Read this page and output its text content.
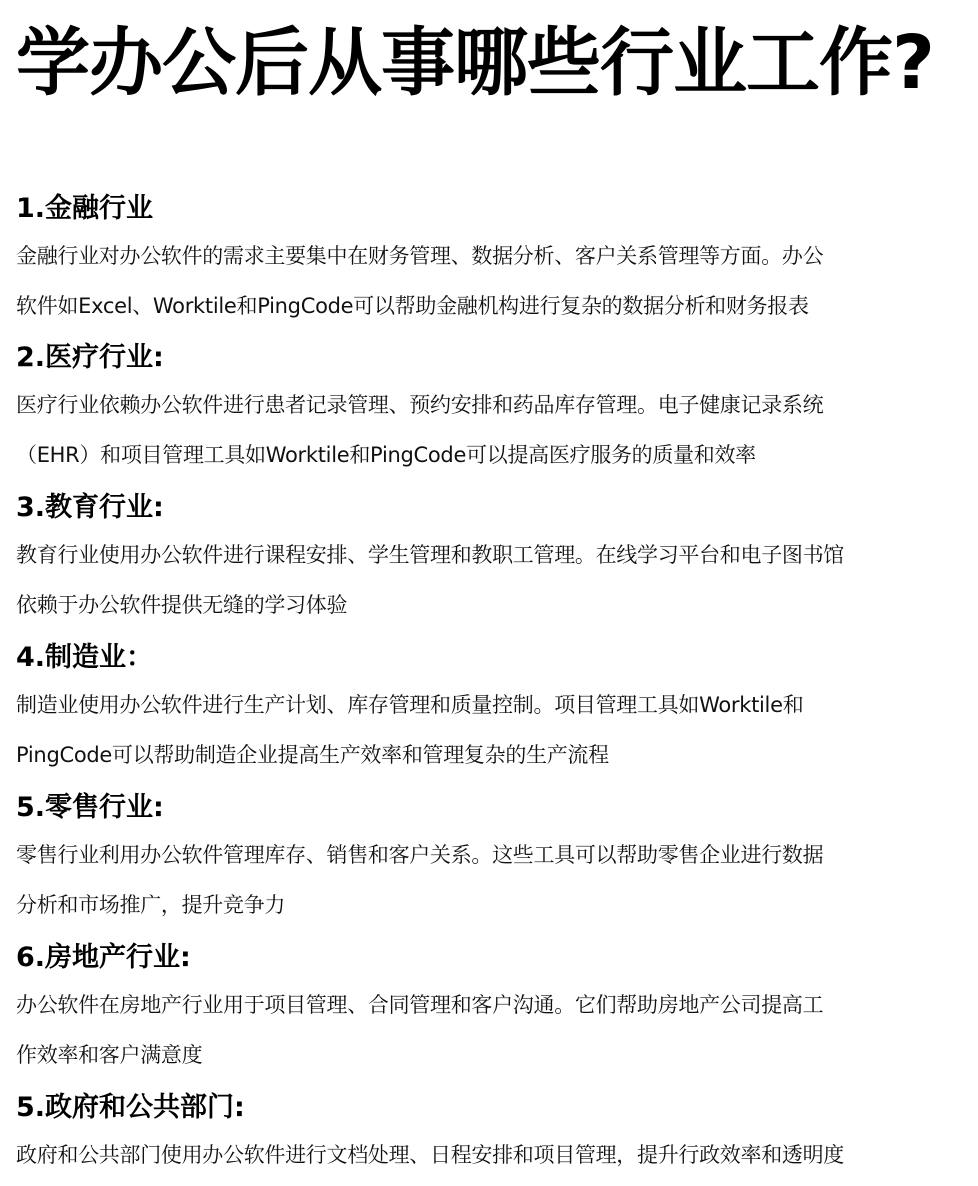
学办公后从事哪些行业工作?
1.金融行业

金融行业对办公软件的需求主要集中在财务管理、数据分析、客户关系管理等方面。办公
软件如Excel、Worktile和PingCode可以帮助金融机构进行复杂的数据分析和财务报表

2.医疗行业:

医疗行业依赖办公软件进行患者记录管理、预约安排和药品库存管理。电子健康记录系统
（EHR）和项目管理工具如Worktile和PingCode可以提高医疗服务的质量和效率

3.教育行业:

教育行业使用办公软件进行课程安排、学生管理和教职工管理。在线学习平台和电子图书馆
依赖于办公软件提供无缝的学习体验

4.制造业：

制造业使用办公软件进行生产计划、库存管理和质量控制。项目管理工具如Worktile和
PingCode可以帮助制造企业提高生产效率和管理复杂的生产流程

5.零售行业:

零售行业利用办公软件管理库存、销售和客户关系。这些工具可以帮助零售企业进行数据
分析和市场推广，提升竞争力

6.房地产行业:

办公软件在房地产行业用于项目管理、合同管理和客户沟通。它们帮助房地产公司提高工
作效率和客户满意度

5.政府和公共部门:

政府和公共部门使用办公软件进行文档处理、日程安排和项目管理，提升行政效率和透明度
